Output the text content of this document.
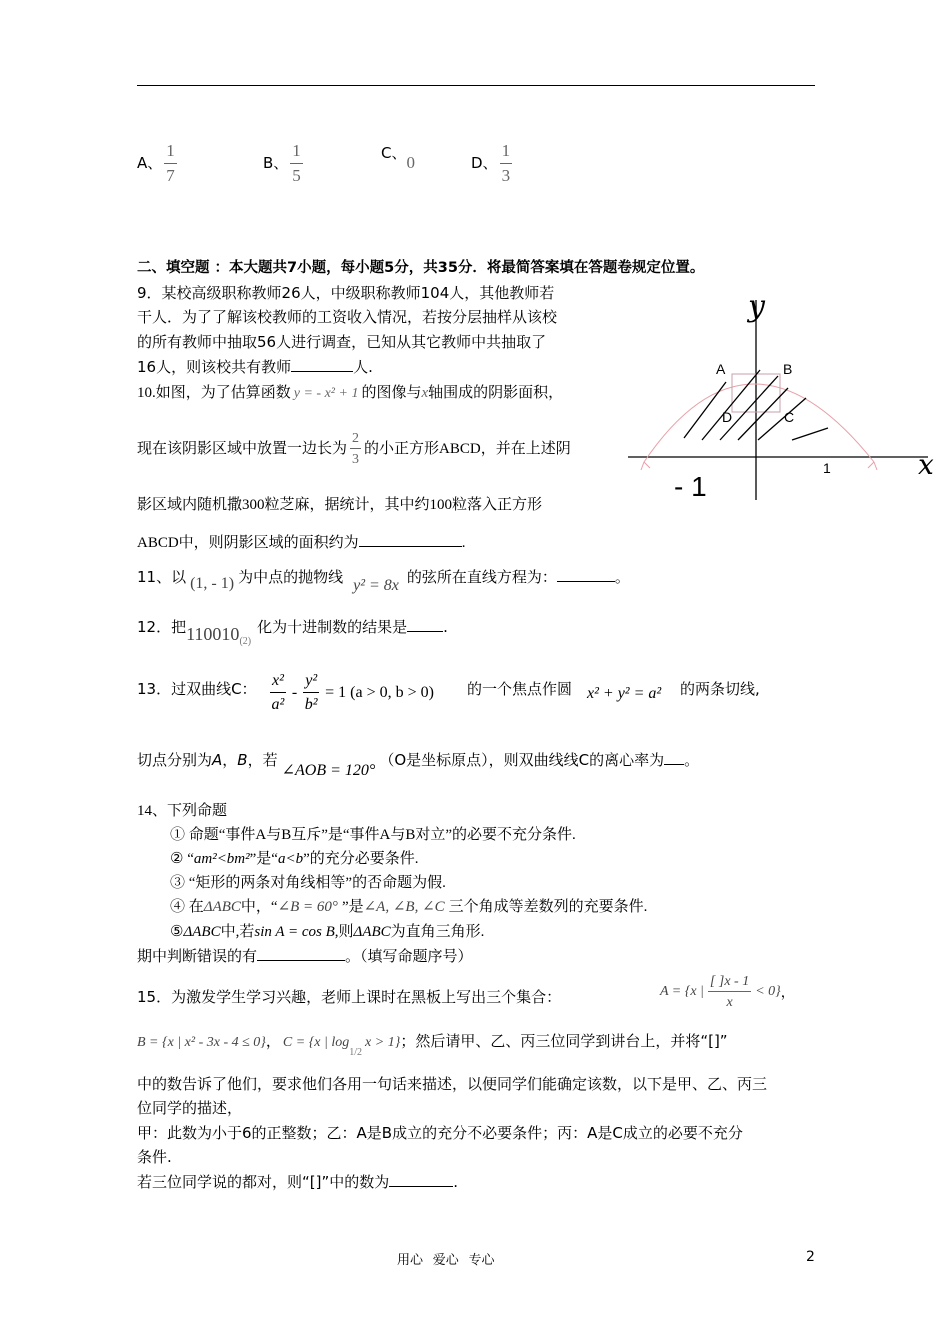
A、 $\frac{1}{7}$	B、 $\frac{1}{5}$	C、0	D、 $\frac{1}{3}$
二、填空题 ：本大题共7小题，每小题5分，共35分．将最简答案填在答题卷规定位置。
9．某校高级职称教师26人，中级职称教师104人，其他教师若
干人．为了了解该校教师的工资收入情况，若按分层抽样从该校
的所有教师中抽取56人进行调查，已知从其它教师中共抽取了
16人，则该校共有教师	人.
10.如图，为了估算函数 y = - x² + 1 的图像与x轴围成的阴影面积，
现在该阴影区域中放置一边长为 $\frac{2}{3}$ 的小正方形ABCD，并在上述阴
影区域内随机撒300粒芝麻，据统计，其中约100粒落入正方形
ABCD中，则阴影区域的面积约为	.
A	B
D	C
y
x
- 1
1
11、以 (1, - 1) 为中点的抛物线 y² = 8x 的弦所在直线方程为：	。
12．把$110010_{(2)}$化为十进制数的结果是 .
13．过双曲线C： $\frac{\text{x²}}{\text{a²}} - \frac{\text{y²}}{\text{b²}} = 1$ (a > 0, b > 0) 的一个焦点作圆 x² + y² = a² 的两条切线,
切点分别为A，B，若∠AOB = 120°（O是坐标原点），则双曲线线C的离心率为 。
14、下列命题
① 命题“事件A与B互斥”是“事件A与B对立”的必要不充分条件.
② “am²<bm²”是“a<b”的充分必要条件.
③ “矩形的两条对角线相等”的否命题为假.
④ 在ΔABC中，“∠B = 60° ”是∠A, ∠B, ∠C 三个角成等差数列的充要条件.
⑤ΔABC中,若sin A = cos B,则ΔABC为直角三角形.
期中判断错误的有	。（填写命题序号）
15．为激发学生学习兴趣，老师上课时在黑板上写出三个集合：	A = {x | $\frac{[ ]x - 1}{x} < 0$} ，
B = {x | x² - 3x - 4 ≤ 0}， C = {x | $\log_{1/2}x > 1$}；然后请甲、乙、丙三位同学到讲台上，并将“[]”
中的数告诉了他们，要求他们各用一句话来描述，以便同学们能确定该数，以下是甲、乙、丙三
位同学的描述，
甲：此数为小于6的正整数；乙：A是B成立的充分不必要条件；丙：A是C成立的必要不充分
条件.
若三位同学说的都对，则“[]”中的数为	.
用心   爱心   专心	2
